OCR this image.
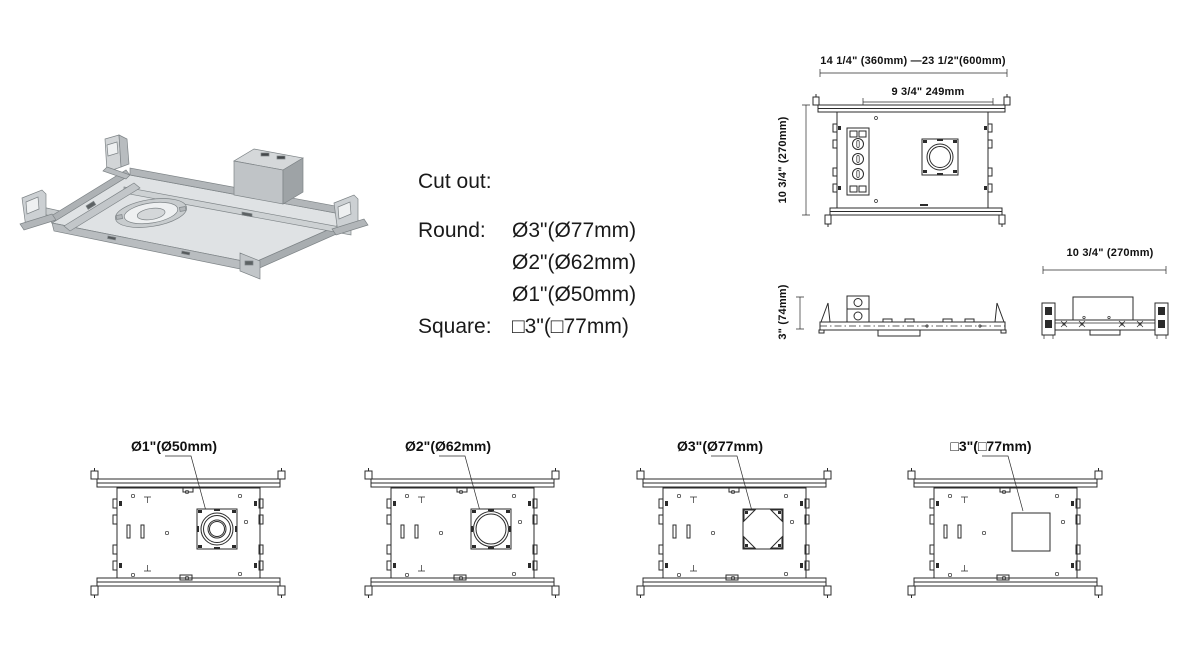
Cut out:
Round: Ø3"(Ø77mm)
Ø2"(Ø62mm)
Ø1"(Ø50mm)
Square: □3"(□77mm)
14 1/4" (360mm) —23 1/2"(600mm)
9 3/4" 249mm
10 3/4" (270mm)
3" (74mm)
10 3/4" (270mm)
Ø1"(Ø50mm)	Ø2"(Ø62mm)	Ø3"(Ø77mm)	□3"(□77mm)
